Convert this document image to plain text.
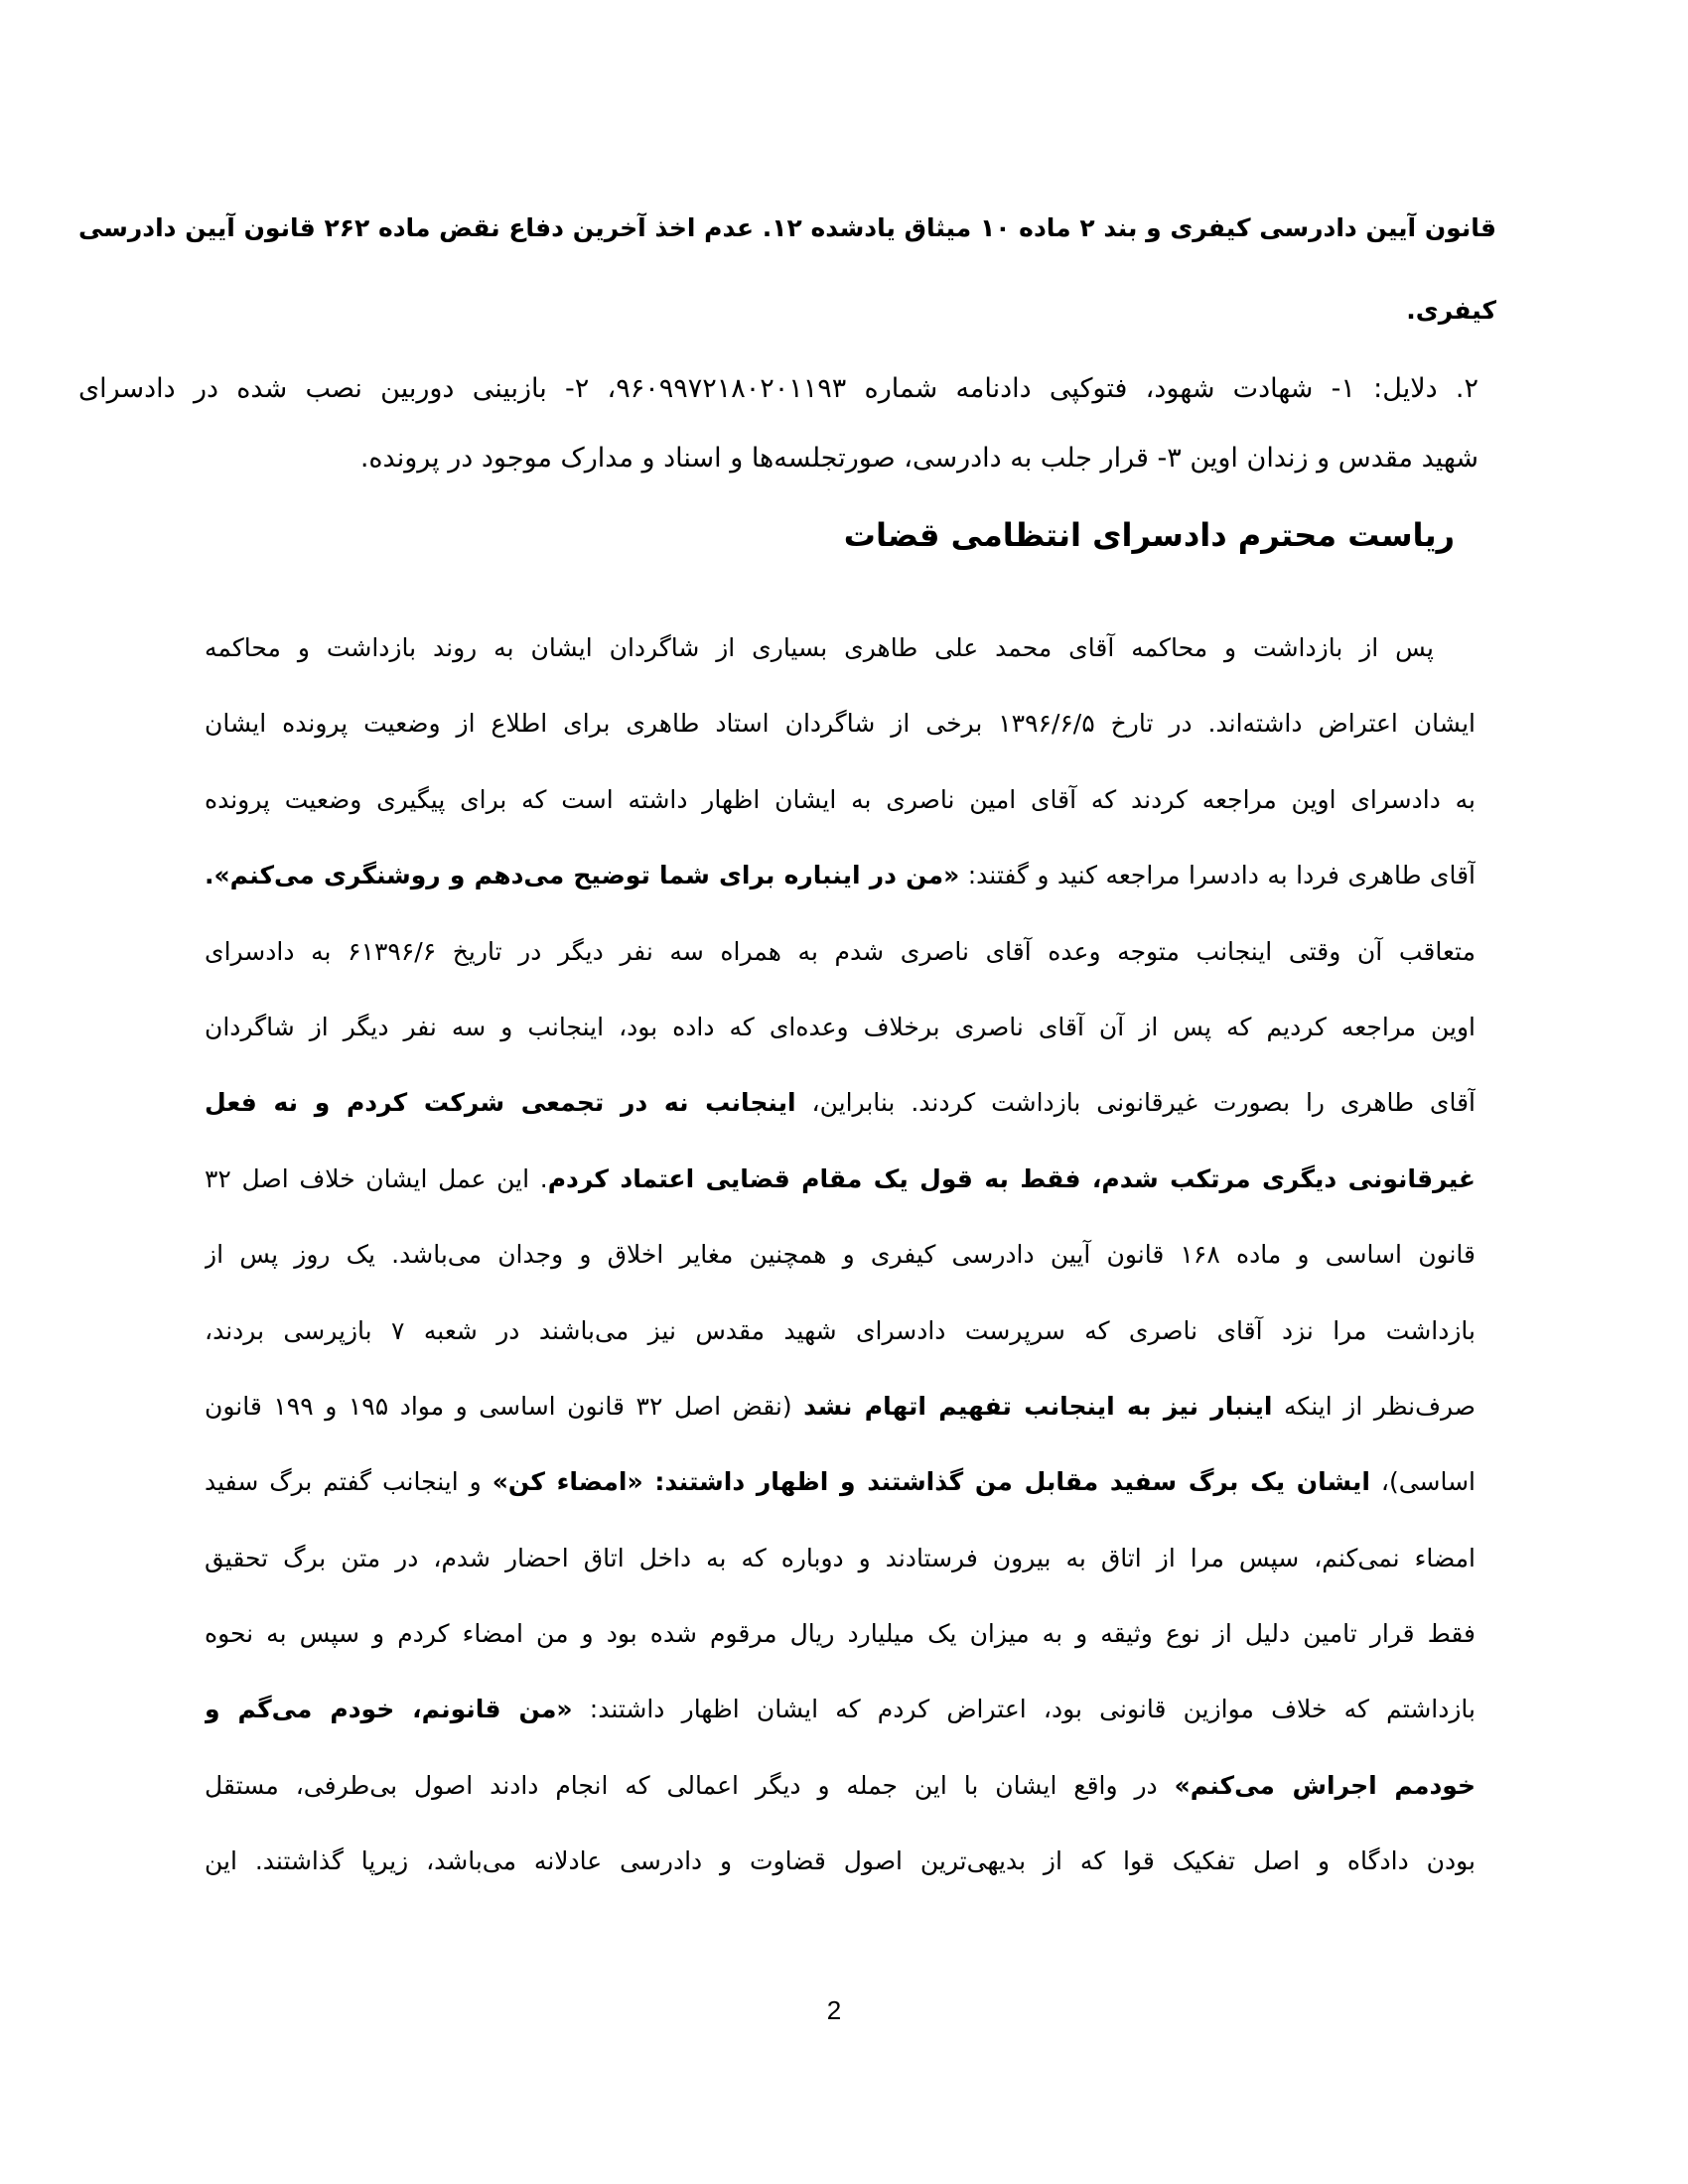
قانون آیین دادرسی کیفری و بند ۲ ماده ۱۰ میثاق یادشده ۱۲. عدم اخذ آخرین دفاع نقض ماده ۲۶۲ قانون آیین دادرسی
کیفری.
۲. دلایل: ۱- شهادت شهود، فتوکپی دادنامه شماره ۹۶۰۹۹۷۲۱۸۰۲۰۱۱۹۳، ۲- بازبینی دوربین نصب شده در دادسرای
شهید مقدس و زندان اوین ۳- قرار جلب به دادرسی، صورتجلسه‌ها و اسناد و مدارک موجود در پرونده.
ریاست محترم دادسرای انتظامی قضات
پس از بازداشت و محاکمه آقای محمد علی طاهری بسیاری از شاگردان ایشان به روند بازداشت و محاکمه
ایشان اعتراض داشته‌اند. در تارخ ۱۳۹۶/۶/۵ برخی از شاگردان استاد طاهری برای اطلاع از وضعیت پرونده ایشان
به دادسرای اوین مراجعه کردند که آقای امین ناصری به ایشان اظهار داشته است که برای پیگیری وضعیت پرونده
آقای طاهری فردا به دادسرا مراجعه کنید و گفتند: «من در اینباره برای شما توضیح می‌دهم و روشنگری می‌کنم».
متعاقب آن وقتی اینجانب متوجه وعده آقای ناصری شدم به همراه سه نفر دیگر در تاریخ ۶۱۳۹۶/۶ به دادسرای
اوین مراجعه کردیم که پس از آن آقای ناصری برخلاف وعده‌ای که داده بود، اینجانب و سه نفر دیگر از شاگردان
آقای طاهری را بصورت غیرقانونی بازداشت کردند. بنابراین، اینجانب نه در تجمعی شرکت کردم و نه فعل
غیرقانونی دیگری مرتکب شدم، فقط به قول یک مقام قضایی اعتماد کردم. این عمل ایشان خلاف اصل ۳۲
قانون اساسی و ماده ۱۶۸ قانون آیین دادرسی کیفری و همچنین مغایر اخلاق و وجدان می‌باشد. یک روز پس از
بازداشت مرا نزد آقای ناصری که سرپرست دادسرای شهید مقدس نیز می‌باشند در شعبه ۷ بازپرسی بردند،
صرف‌نظر از اینکه اینبار نیز به اینجانب تفهیم اتهام نشد (نقض اصل ۳۲ قانون اساسی و مواد ۱۹۵ و ۱۹۹ قانون
اساسی)، ایشان یک برگ سفید مقابل من گذاشتند و اظهار داشتند: «امضاء کن» و اینجانب گفتم برگ سفید
امضاء نمی‌کنم، سپس مرا از اتاق به بیرون فرستادند و دوباره که به داخل اتاق احضار شدم، در متن برگ تحقیق
فقط قرار تامین دلیل از نوع وثیقه و به میزان یک میلیارد ریال مرقوم شده بود و من امضاء کردم و سپس به نحوه
بازداشتم که خلاف موازین قانونی بود، اعتراض کردم که ایشان اظهار داشتند: «من قانونم، خودم می‌گم و
خودمم اجراش می‌کنم» در واقع ایشان با این جمله و دیگر اعمالی که انجام دادند اصول بی‌طرفی، مستقل
بودن دادگاه و اصل تفکیک قوا که از بدیهی‌ترین اصول قضاوت و دادرسی عادلانه می‌باشد، زیرپا گذاشتند. این
2
